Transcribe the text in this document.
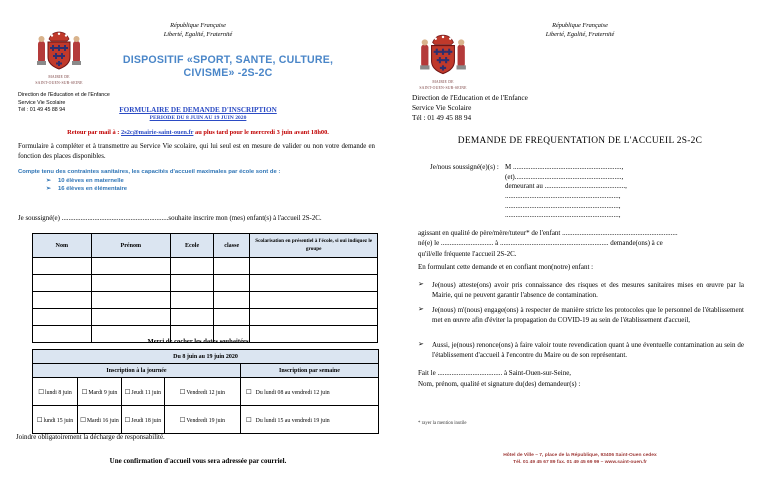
République Française
Liberté, Egalité, Fraternité
MAIRIE DE
SAINT-OUEN-SUR-SEINE
DISPOSITIF «SPORT, SANTE, CULTURE,
CIVISME» -2S-2C
Direction de l'Education et de l'Enfance
Service Vie Scolaire
Tél : 01 49 45 88 94	FORMULAIRE DE DEMANDE D'INSCRIPTION
PERIODE DU 8 JUIN AU 19 JUIN 2020
Retour par mail à : 2s2c@mairie-saint-ouen.fr au plus tard pour le mercredi 3 juin avant 18h00.
Formulaire à compléter et à transmettre au Service Vie scolaire, qui lui seul est en mesure de valider ou non votre demande en fonction des places disponibles.
Compte tenu des contraintes sanitaires, les capacités d'accueil maximales par école sont de :
➢ 10 élèves en maternelle
➢ 16 élèves en élémentaire
Je soussigné(e) ..............................................................souhaite inscrire mon (mes) enfant(s) à l'accueil 2S-2C.
Nom	Prénom	Ecole	classe	Scolarisation en présentiel à l'école, si oui indiquez le groupe

Merci de cocher les dates souhaitées
Du 8 juin au 19 juin 2020				
Inscription à la journée				Inscription par semaine
☐lundi 8 juin	☐Mardi 9 juin	☐Jeudi 11 juin	☐Vendredi 12 juin	☐ Du lundi 08 au vendredi 12 juin
☐lundi 15 juin	☐Mardi 16 juin	☐Jeudi 18 juin	☐Vendredi 19 juin	☐ Du lundi 15 au vendredi 19 juin
Joindre obligatoirement la décharge de responsabilité.
Une confirmation d'accueil vous sera adressée par courriel.
République Française
Liberté, Egalité, Fraternité
MAIRIE DE
SAINT-OUEN-SUR-SEINE
Direction de l'Education et de l'Enfance
Service Vie Scolaire
Tél : 01 49 45 88 94
DEMANDE DE FREQUENTATION DE L'ACCUEIL 2S-2C
Je/nous soussigné(e)(s) : M ..............................................................,
(et).............................................................,
demeurant au ..............................................,
.................................................................,
.................................................................,
.................................................................,
agissant en qualité de père/mère/tuteur* de l'enfant ..................................................................
né(e) le .............................. à .............................................................. demande(ons) à ce
qu'il/elle fréquente l'accueil 2S-2C.
En formulant cette demande et en confiant mon(notre) enfant :
➢	Je(nous) atteste(ons) avoir pris connaissance des risques et des mesures sanitaires mises en œuvre par la Mairie, qui ne peuvent garantir l'absence de contamination.
➢	Je(nous) m'(nous) engage(ons) à respecter de manière stricte les protocoles que le personnel de l'établissement met en œuvre afin d'éviter la propagation du COVID-19 au sein de l'établissement d'accueil,
➢	Aussi, je(nous) renonce(ons) à faire valoir toute revendication quant à une éventuelle contamination au sein de l'établissement d'accueil à l'encontre du Maire ou de son représentant.
Fait le ..................................... à Saint-Ouen-sur-Seine,
Nom, prénom, qualité et signature du(des) demandeur(s) :
* rayer la mention inutile
Hôtel de Ville – 7, place de la République, 93406 Saint-Ouen cedex
Tél. 01 49 45 67 89 fax. 01 49 45 69 99 – www.saint-ouen.fr
